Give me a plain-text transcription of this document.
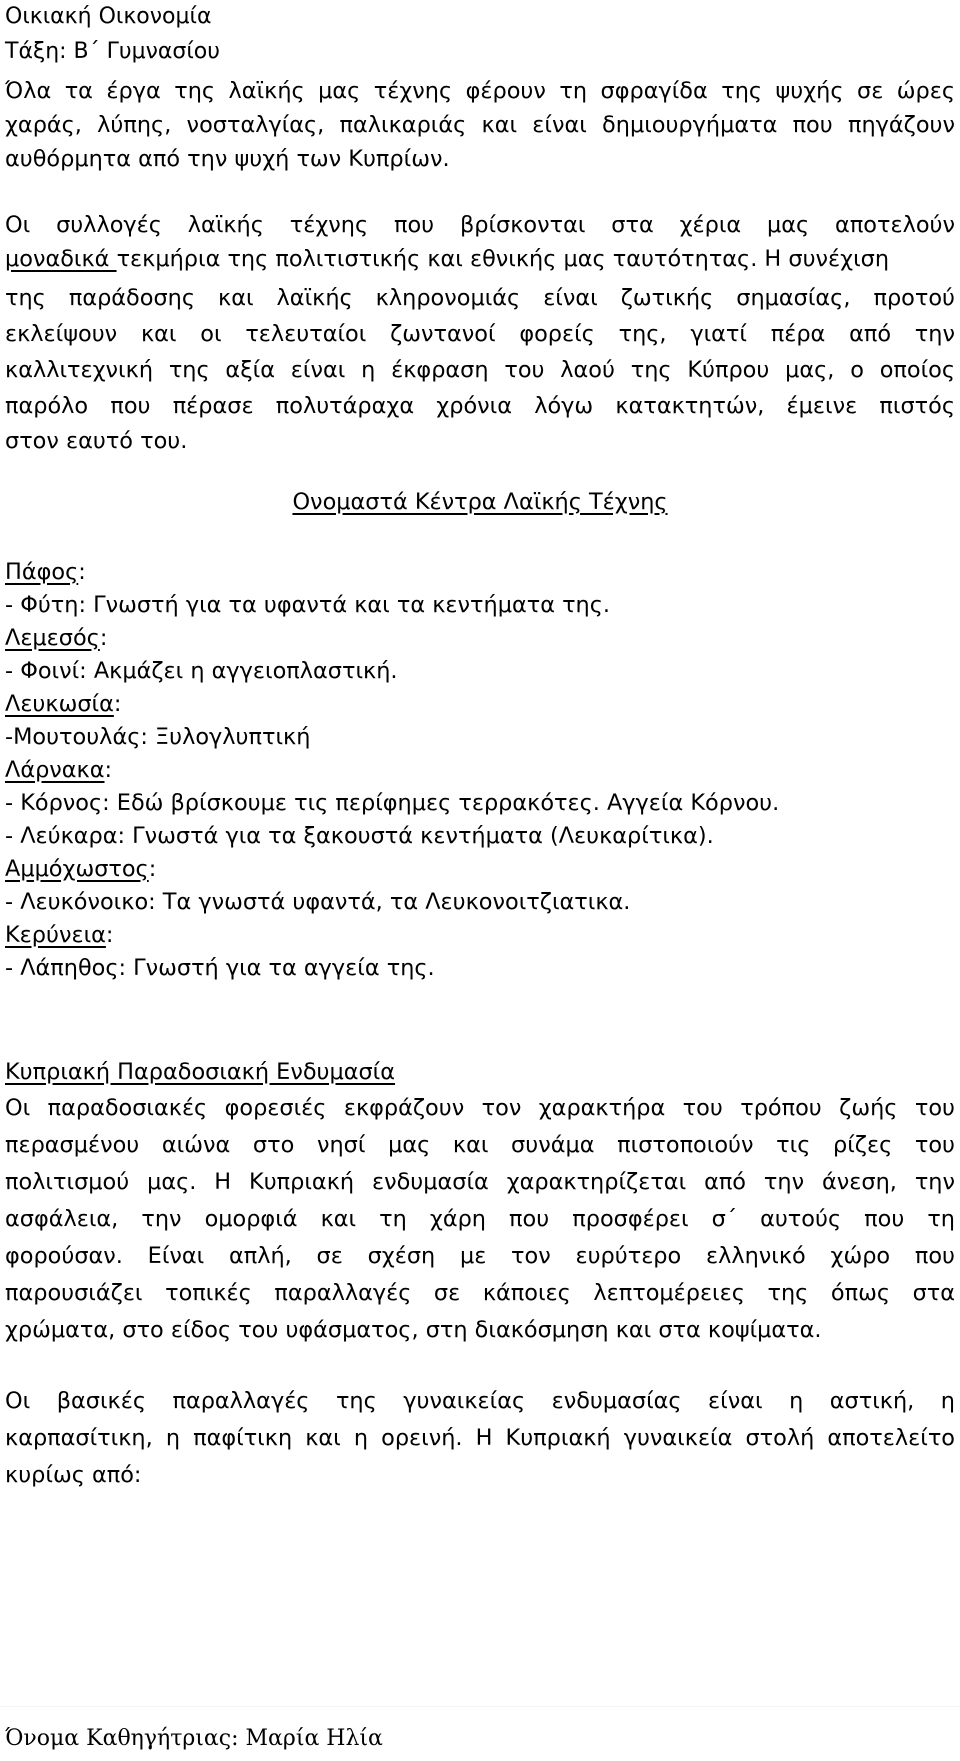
Οικιακή Οικονομία
Τάξη: Β΄ Γυμνασίου
Όλα τα έργα της λαϊκής μας τέχνης φέρουν τη σφραγίδα της ψυχής σε ώρες
χαράς, λύπης, νοσταλγίας, παλικαριάς και είναι δημιουργήματα που πηγάζουν
αυθόρμητα από την ψυχή των Κυπρίων.
Οι συλλογές λαϊκής τέχνης που βρίσκονται στα χέρια μας αποτελούν
μοναδικά τεκμήρια της πολιτιστικής και εθνικής μας ταυτότητας. Η συνέχιση
της παράδοσης και λαϊκής κληρονομιάς είναι ζωτικής σημασίας, προτού
εκλείψουν και οι τελευταίοι ζωντανοί φορείς της, γιατί πέρα από την
καλλιτεχνική της αξία είναι η έκφραση του λαού της Κύπρου μας, ο οποίος
παρόλο που πέρασε πολυτάραχα χρόνια λόγω κατακτητών, έμεινε πιστός
στον εαυτό του.
Ονομαστά Κέντρα Λαϊκής Τέχνης
Πάφος:
- Φύτη: Γνωστή για τα υφαντά και τα κεντήματα της.
Λεμεσός:
- Φοινί: Ακμάζει η αγγειοπλαστική.
Λευκωσία:
-Μουτουλάς: Ξυλογλυπτική
Λάρνακα:
- Κόρνος: Εδώ βρίσκουμε τις περίφημες τερρακότες. Αγγεία Κόρνου.
- Λεύκαρα: Γνωστά για τα ξακουστά κεντήματα (Λευκαρίτικα).
Αμμόχωστος:
- Λευκόνοικο: Τα γνωστά υφαντά, τα Λευκονοιτζιατικα.
Κερύνεια:
- Λάπηθος: Γνωστή για τα αγγεία της.
Κυπριακή Παραδοσιακή Ενδυμασία
Οι παραδοσιακές φορεσιές εκφράζουν τον χαρακτήρα του τρόπου ζωής του
περασμένου αιώνα στο νησί μας και συνάμα πιστοποιούν τις ρίζες του
πολιτισμού μας. Η Κυπριακή ενδυμασία χαρακτηρίζεται από την άνεση, την
ασφάλεια, την ομορφιά και τη χάρη που προσφέρει σ΄ αυτούς που τη
φορούσαν. Είναι απλή, σε σχέση με τον ευρύτερο ελληνικό χώρο που
παρουσιάζει τοπικές παραλλαγές σε κάποιες λεπτομέρειες της όπως στα
χρώματα, στο είδος του υφάσματος, στη διακόσμηση και στα κοψίματα.
Οι βασικές παραλλαγές της γυναικείας ενδυμασίας είναι η αστική, η
καρπασίτικη, η παφίτικη και η ορεινή. Η Κυπριακή γυναικεία στολή αποτελείτο
κυρίως από:
Όνομα Καθηγήτριας: Μαρία Ηλία
